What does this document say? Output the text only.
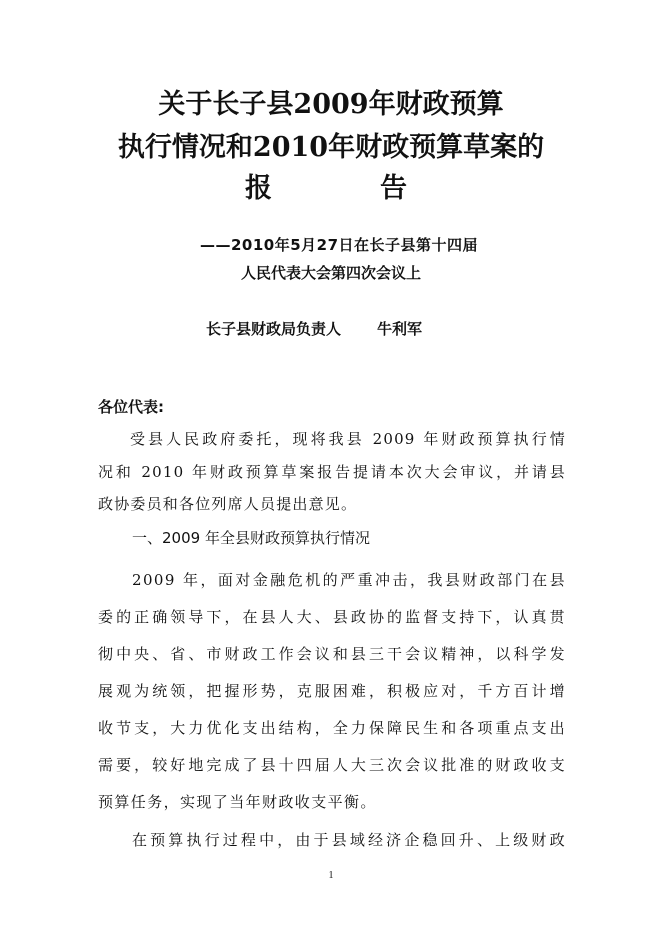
关于长子县2009年财政预算
执行情况和2010年财政预算草案的
报	告
——2010年5月27日在长子县第十四届
人民代表大会第四次会议上
长子县财政局负责人 牛利军
各位代表:
受县人民政府委托，现将我县 2009 年财政预算执行情
况和 2010 年财政预算草案报告提请本次大会审议，并请县
政协委员和各位列席人员提出意见。
一、2009 年全县财政预算执行情况
2009 年，面对金融危机的严重冲击，我县财政部门在县
委的正确领导下，在县人大、县政协的监督支持下，认真贯
彻中央、省、市财政工作会议和县三干会议精神，以科学发
展观为统领，把握形势，克服困难，积极应对，千方百计增
收节支，大力优化支出结构，全力保障民生和各项重点支出
需要，较好地完成了县十四届人大三次会议批准的财政收支
预算任务，实现了当年财政收支平衡。
在预算执行过程中，由于县域经济企稳回升、上级财政
1
